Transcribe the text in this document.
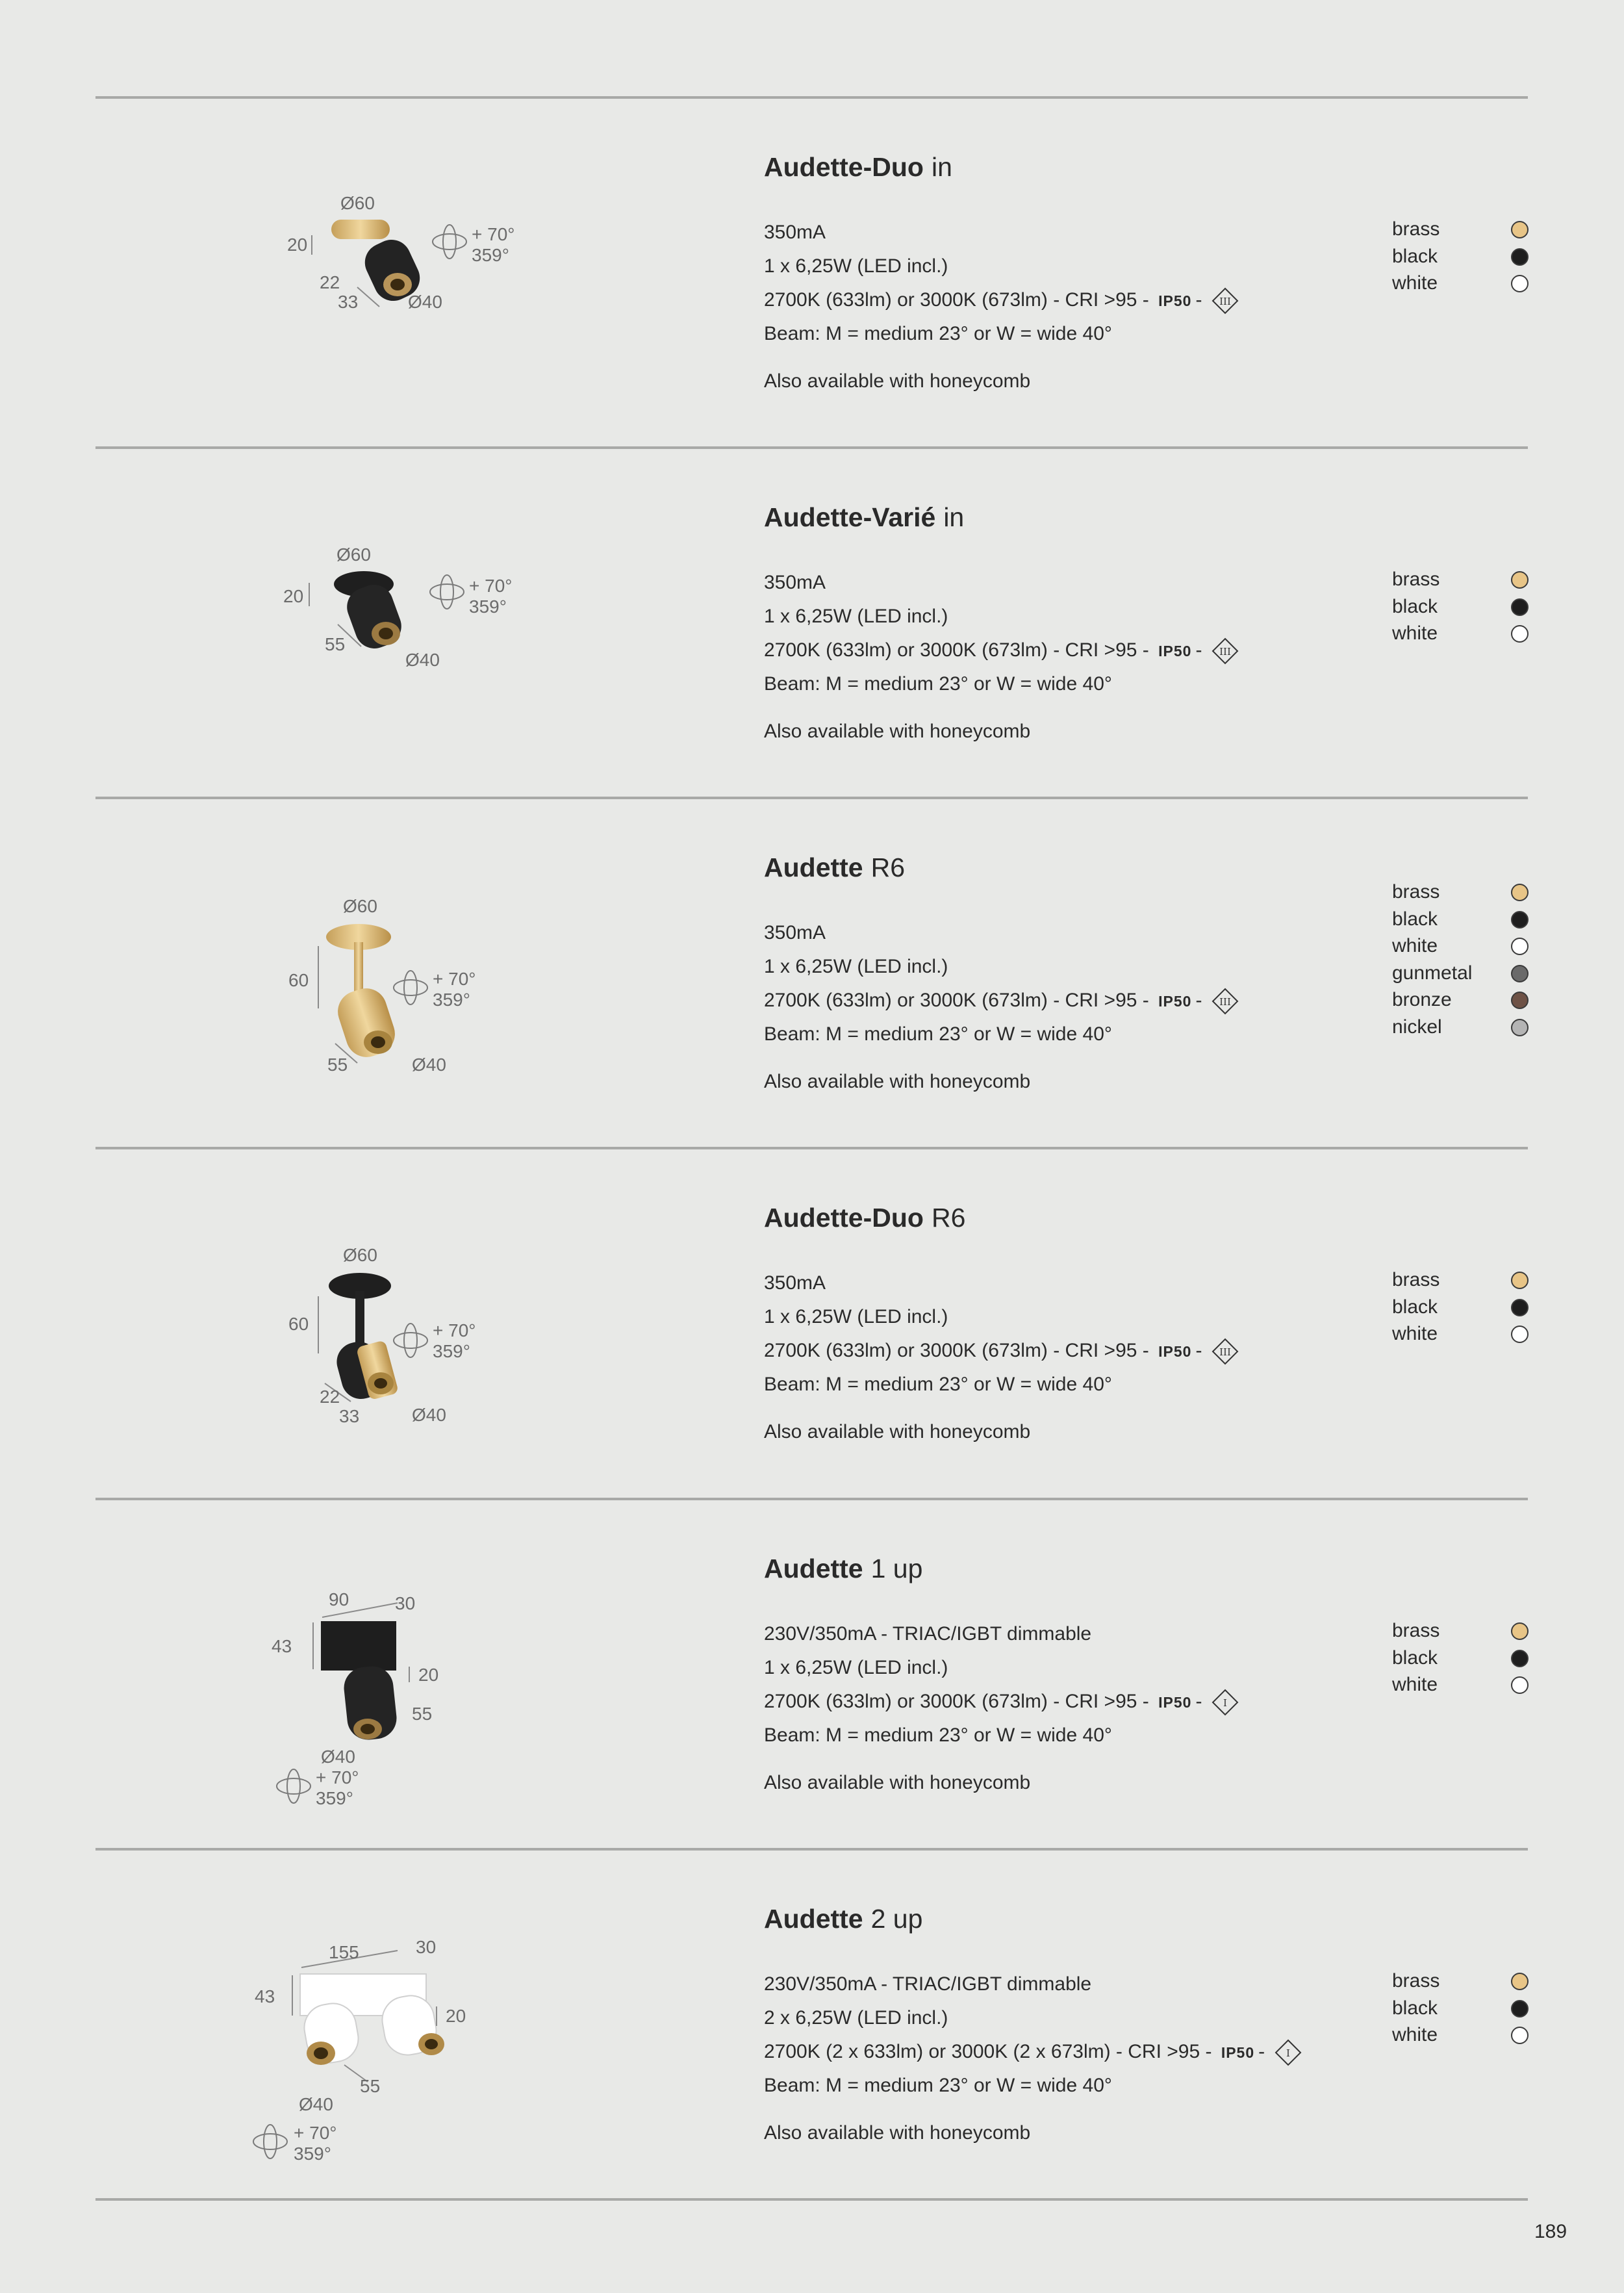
Ø60
20
22
33	Ø40
+ 70°
359°
Audette-Duo in
350mA
1 x 6,25W (LED incl.)
2700K (633lm) or 3000K (673lm) - CRI >95 - IP50 - III
Beam: M = medium 23° or W = wide 40°
Also available with honeycomb
brass
black
white
Ø60
20
55
Ø40
+ 70°
359°
Audette-Varié in
350mA
1 x 6,25W (LED incl.)
2700K (633lm) or 3000K (673lm) - CRI >95 - IP50 - III
Beam: M = medium 23° or W = wide 40°
Also available with honeycomb
brass
black
white
Ø60
60
55	Ø40
+ 70°
359°
Audette R6
350mA
1 x 6,25W (LED incl.)
2700K (633lm) or 3000K (673lm) - CRI >95 - IP50 - III
Beam: M = medium 23° or W = wide 40°
Also available with honeycomb
brass
black
white
gunmetal
bronze
nickel
Ø60
60
22
33	Ø40
+ 70°
359°
Audette-Duo R6
350mA
1 x 6,25W (LED incl.)
2700K (633lm) or 3000K (673lm) - CRI >95 - IP50 - III
Beam: M = medium 23° or W = wide 40°
Also available with honeycomb
brass
black
white
90	30
43
20
55
Ø40
+ 70°
359°
Audette 1 up
230V/350mA - TRIAC/IGBT dimmable
1 x 6,25W (LED incl.)
2700K (633lm) or 3000K (673lm) - CRI >95 - IP50 - I
Beam: M = medium 23° or W = wide 40°
Also available with honeycomb
brass
black
white
155	30
43
20
Ø40
55
+ 70°
359°
Audette 2 up
230V/350mA - TRIAC/IGBT dimmable
2 x 6,25W (LED incl.)
2700K (2 x 633lm) or 3000K (2 x 673lm) - CRI >95 - IP50 - I
Beam: M = medium 23° or W = wide 40°
Also available with honeycomb
brass
black
white
189
